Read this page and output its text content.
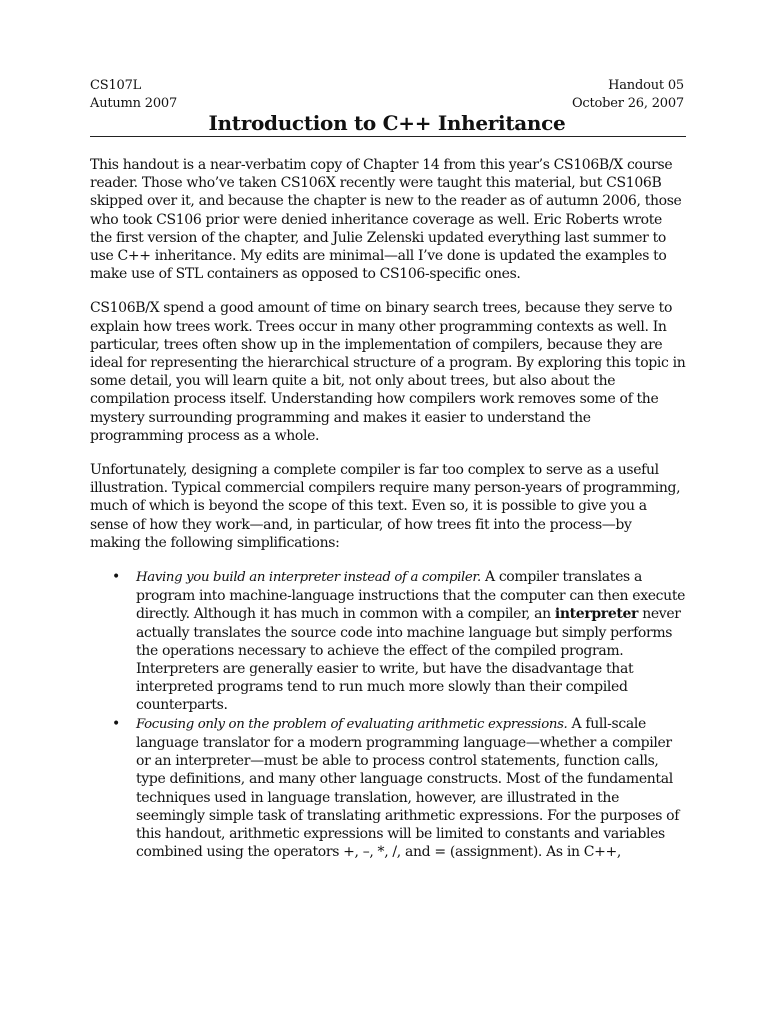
CS107L	Handout 05
Autumn 2007	October 26, 2007
Introduction to C++ Inheritance

This handout is a near-verbatim copy of Chapter 14 from this year’s CS106B/X course reader. Those who’ve taken CS106X recently were taught this material, but CS106B skipped over it, and because the chapter is new to the reader as of autumn 2006, those who took CS106 prior were denied inheritance coverage as well. Eric Roberts wrote the first version of the chapter, and Julie Zelenski updated everything last summer to use C++ inheritance. My edits are minimal—all I’ve done is updated the examples to make use of STL containers as opposed to CS106-specific ones.

CS106B/X spend a good amount of time on binary search trees, because they serve to explain how trees work. Trees occur in many other programming contexts as well. In particular, trees often show up in the implementation of compilers, because they are ideal for representing the hierarchical structure of a program. By exploring this topic in some detail, you will learn quite a bit, not only about trees, but also about the compilation process itself. Understanding how compilers work removes some of the mystery surrounding programming and makes it easier to understand the programming process as a whole.

Unfortunately, designing a complete compiler is far too complex to serve as a useful illustration. Typical commercial compilers require many person-years of programming, much of which is beyond the scope of this text. Even so, it is possible to give you a sense of how they work—and, in particular, of how trees fit into the process—by making the following simplifications:

• Having you build an interpreter instead of a compiler. A compiler translates a program into machine-language instructions that the computer can then execute directly. Although it has much in common with a compiler, an interpreter never actually translates the source code into machine language but simply performs the operations necessary to achieve the effect of the compiled program. Interpreters are generally easier to write, but have the disadvantage that interpreted programs tend to run much more slowly than their compiled counterparts.
• Focusing only on the problem of evaluating arithmetic expressions. A full-scale language translator for a modern programming language—whether a compiler or an interpreter—must be able to process control statements, function calls, type definitions, and many other language constructs. Most of the fundamental techniques used in language translation, however, are illustrated in the seemingly simple task of translating arithmetic expressions. For the purposes of this handout, arithmetic expressions will be limited to constants and variables combined using the operators +, –, *, /, and = (assignment). As in C++,
